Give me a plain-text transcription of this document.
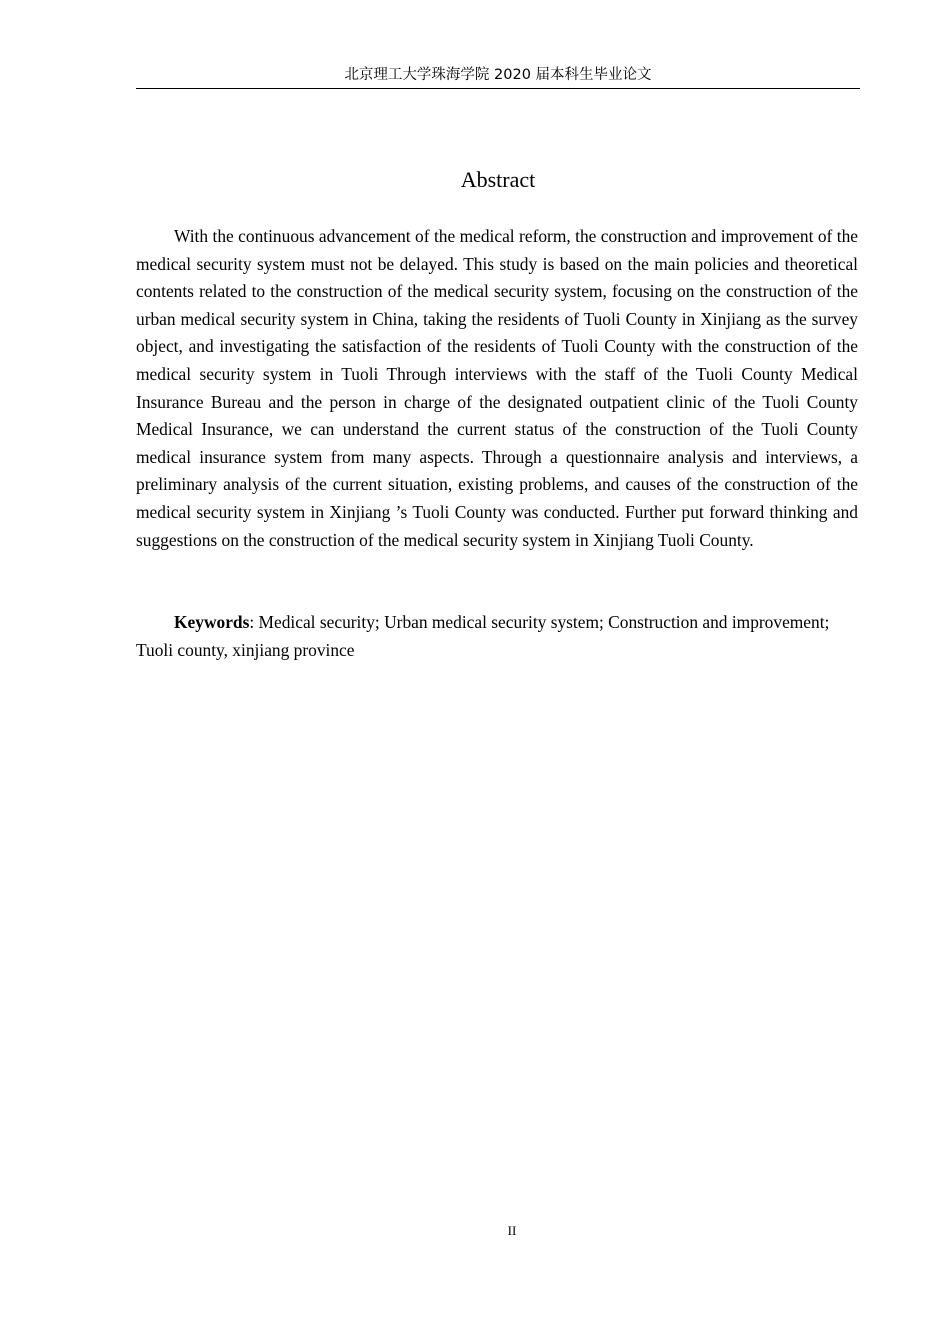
北京理工大学珠海学院 2020 届本科生毕业论文
Abstract

With the continuous advancement of the medical reform, the construction and improvement of the medical security system must not be delayed. This study is based on the main policies and theoretical contents related to the construction of the medical security system, focusing on the construction of the urban medical security system in China, taking the residents of Tuoli County in Xinjiang as the survey object, and investigating the satisfaction of the residents of Tuoli County with the construction of the medical security system in Tuoli Through interviews with the staff of the Tuoli County Medical Insurance Bureau and the person in charge of the designated outpatient clinic of the Tuoli County Medical Insurance, we can understand the current status of the construction of the Tuoli County medical insurance system from many aspects. Through a questionnaire analysis and interviews, a preliminary analysis of the current situation, existing problems, and causes of the construction of the medical security system in Xinjiang ’s Tuoli County was conducted. Further put forward thinking and suggestions on the construction of the medical security system in Xinjiang Tuoli County.

Keywords: Medical security; Urban medical security system; Construction and improvement; Tuoli county, xinjiang province

II
